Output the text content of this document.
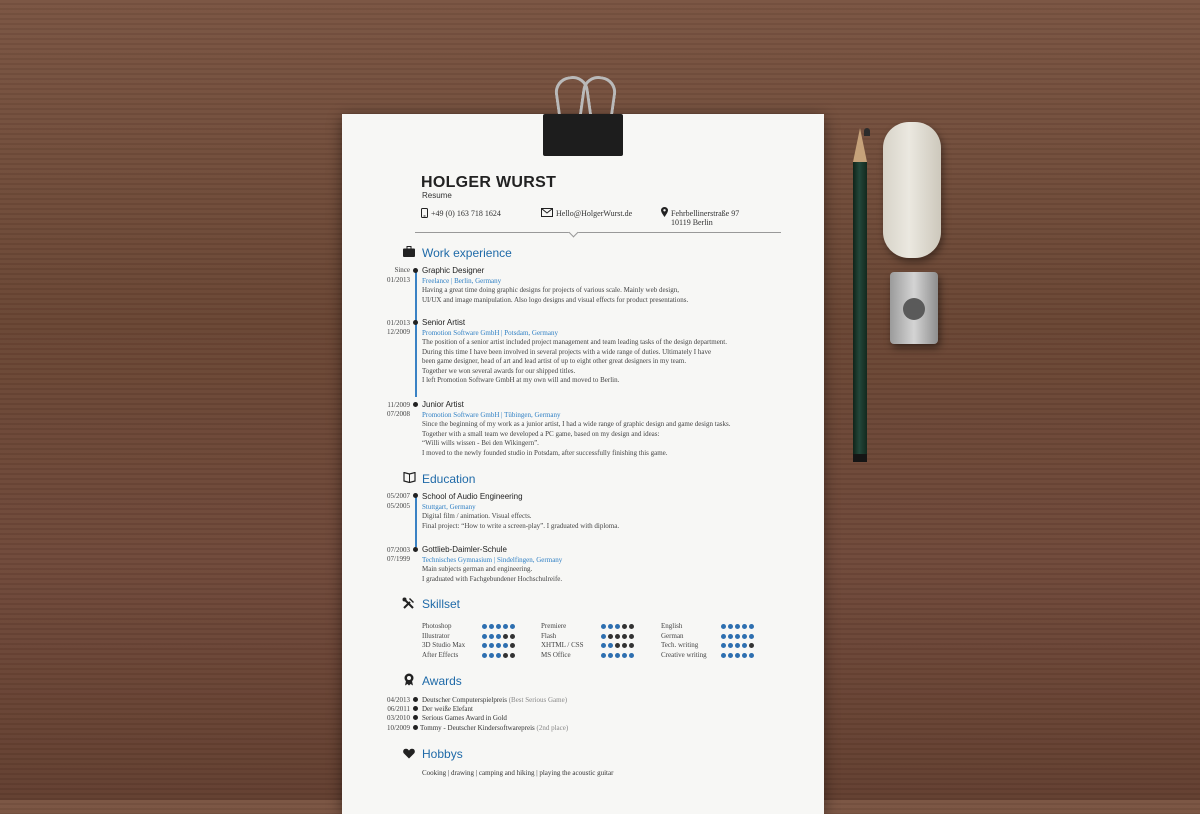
HOLGER WURST
Resume
+49 (0) 163 718 1624	Hello@HolgerWurst.de	Fehrbellinerstraße 97
10119 Berlin
Work experience
Since
01/2013
Graphic Designer
Freelance | Berlin, Germany
Having a great time doing graphic designs for projects of various scale. Mainly web design,
UI/UX and image manipulation. Also logo designs and visual effects for product presentations.
01/2013
12/2009
Senior Artist
Promotion Software GmbH | Potsdam, Germany
The position of a senior artist included project management and team leading tasks of the design department.
During this time I have been involved in several projects with a wide range of duties. Ultimately I have
been game designer, head of art and lead artist of up to eight other great designers in my team.
Together we won several awards for our shipped titles.
I left Promotion Software GmbH at my own will and moved to Berlin.
11/2009
07/2008
Junior Artist
Promotion Software GmbH | Tübingen, Germany
Since the beginning of my work as a junior artist, I had a wide range of graphic design and game design tasks.
Together with a small team we developed a PC game, based on my design and ideas:
“Willi wills wissen - Bei den Wikingern”.
I moved to the newly founded studio in Potsdam, after successfully finishing this game.
Education
05/2007
05/2005
School of Audio Engineering
Stuttgart, Germany
Digital film / animation. Visual effects.
Final project: “How to write a screen-play”. I graduated with diploma.
07/2003
07/1999
Gottlieb-Daimler-Schule
Technisches Gymnasium | Sindelfingen, Germany
Main subjects german and engineering.
I graduated with Fachgebundener Hochschulreife.
Skillset
Photoshop
Illustrator
3D Studio Max
After Effects
Premiere
Flash
XHTML / CSS
MS Office
English
German
Tech. writing
Creative writing
Awards
04/2013 Deutscher Computerspielpreis (Best Serious Game)
06/2011 Der weiße Elefant
03/2010 Serious Games Award in Gold
10/2009 Tommy - Deutscher Kindersoftwarepreis (2nd place)
Hobbys
Cooking | drawing | camping and hiking | playing the acoustic guitar
